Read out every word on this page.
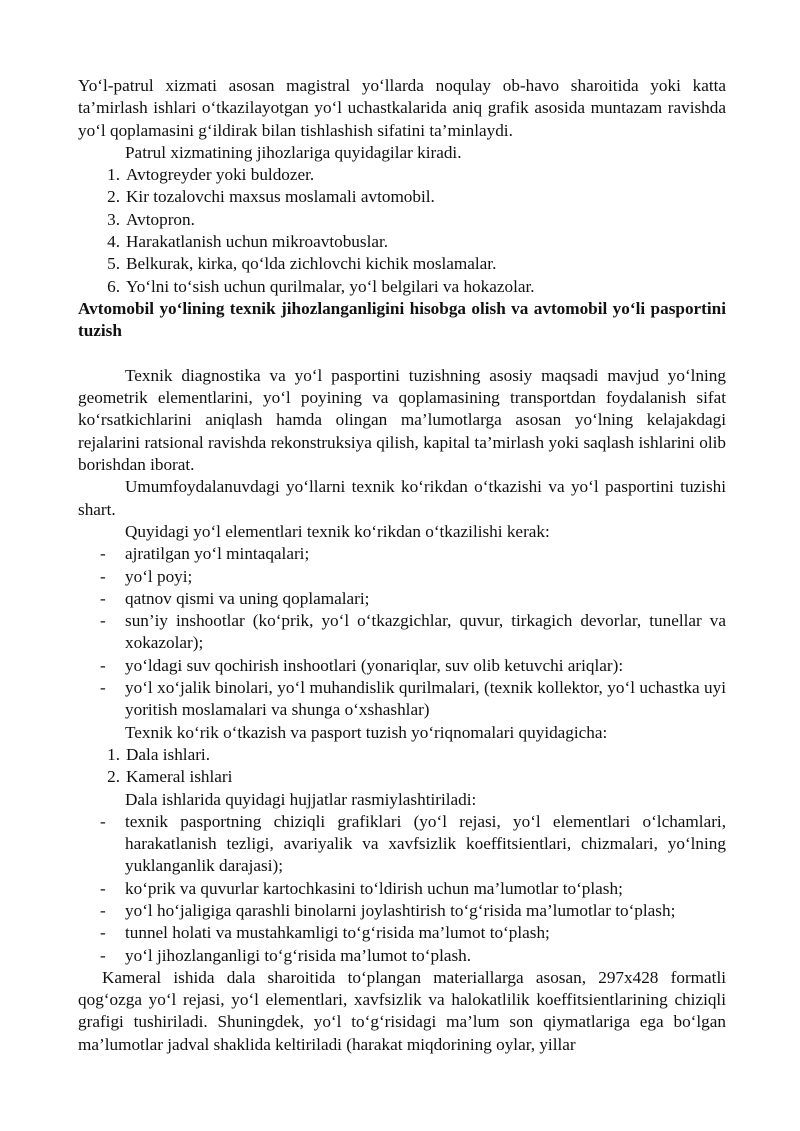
Yo‘l-patrul xizmati asosan magistral yo‘llarda noqulay ob-havo sharoitida yoki katta ta’mirlash ishlari o‘tkazilayotgan yo‘l uchastkalarida aniq grafik asosida muntazam ravishda yo‘l qoplamasini g‘ildirak bilan tishlashish sifatini ta’minlaydi.

Patrul xizmatining jihozlariga quyidagilar kiradi.

1. Avtogreyder yoki buldozer.
2. Kir tozalovchi maxsus moslamali avtomobil.
3. Avtopron.
4. Harakatlanish uchun mikroavtobuslar.
5. Belkurak, kirka, qo‘lda zichlovchi kichik moslamalar.
6. Yo‘lni to‘sish uchun qurilmalar, yo‘l belgilari va hokazolar.

Avtomobil yo‘lining texnik jihozlanganligini hisobga olish va avtomobil yo‘li pasportini tuzish

Texnik diagnostika va yo‘l pasportini tuzishning asosiy maqsadi mavjud yo‘lning geometrik elementlarini, yo‘l poyining va qoplamasining transportdan foydalanish sifat ko‘rsatkichlarini aniqlash hamda olingan ma’lumotlarga asosan yo‘lning kelajakdagi rejalarini ratsional ravishda rekonstruksiya qilish, kapital ta’mirlash yoki saqlash ishlarini olib borishdan iborat.

Umumfoydalanuvdagi yo‘llarni texnik ko‘rikdan o‘tkazishi va yo‘l pasportini tuzishi shart.

Quyidagi yo‘l elementlari texnik ko‘rikdan o‘tkazilishi kerak:

-	ajratilgan yo‘l mintaqalari;
-	yo‘l poyi;
-	qatnov qismi va uning qoplamalari;
-	sun’iy inshootlar (ko‘prik, yo‘l o‘tkazgichlar, quvur, tirkagich devorlar, tunellar va xokazolar);
-	yo‘ldagi suv qochirish inshootlari (yonariqlar, suv olib ketuvchi ariqlar):
-	yo‘l xo‘jalik binolari, yo‘l muhandislik qurilmalari, (texnik kollektor, yo‘l uchastka uyi yoritish moslamalari va shunga o‘xshashlar)

Texnik ko‘rik o‘tkazish va pasport tuzish yo‘riqnomalari quyidagicha:

1. Dala ishlari.
2. Kameral ishlari

Dala ishlarida quyidagi hujjatlar rasmiylashtiriladi:

-	texnik pasportning chiziqli grafiklari (yo‘l rejasi, yo‘l elementlari o‘lchamlari, harakatlanish tezligi, avariyalik va xavfsizlik koeffitsientlari, chizmalari, yo‘lning yuklanganlik darajasi);
-	ko‘prik va quvurlar kartochkasini to‘ldirish uchun ma’lumotlar to‘plash;
-	yo‘l ho‘jaligiga qarashli binolarni joylashtirish to‘g‘risida ma’lumotlar to‘plash;
-	tunnel holati va mustahkamligi to‘g‘risida ma’lumot to‘plash;
-	yo‘l jihozlanganligi to‘g‘risida ma’lumot to‘plash.

Kameral ishida dala sharoitida to‘plangan materiallarga asosan, 297x428 formatli qog‘ozga yo‘l rejasi, yo‘l elementlari, xavfsizlik va halokatlilik koeffitsientlarining chiziqli grafigi tushiriladi. Shuningdek, yo‘l to‘g‘risidagi ma’lum son qiymatlariga ega bo‘lgan ma’lumotlar jadval shaklida keltiriladi (harakat miqdorining oylar, yillar
